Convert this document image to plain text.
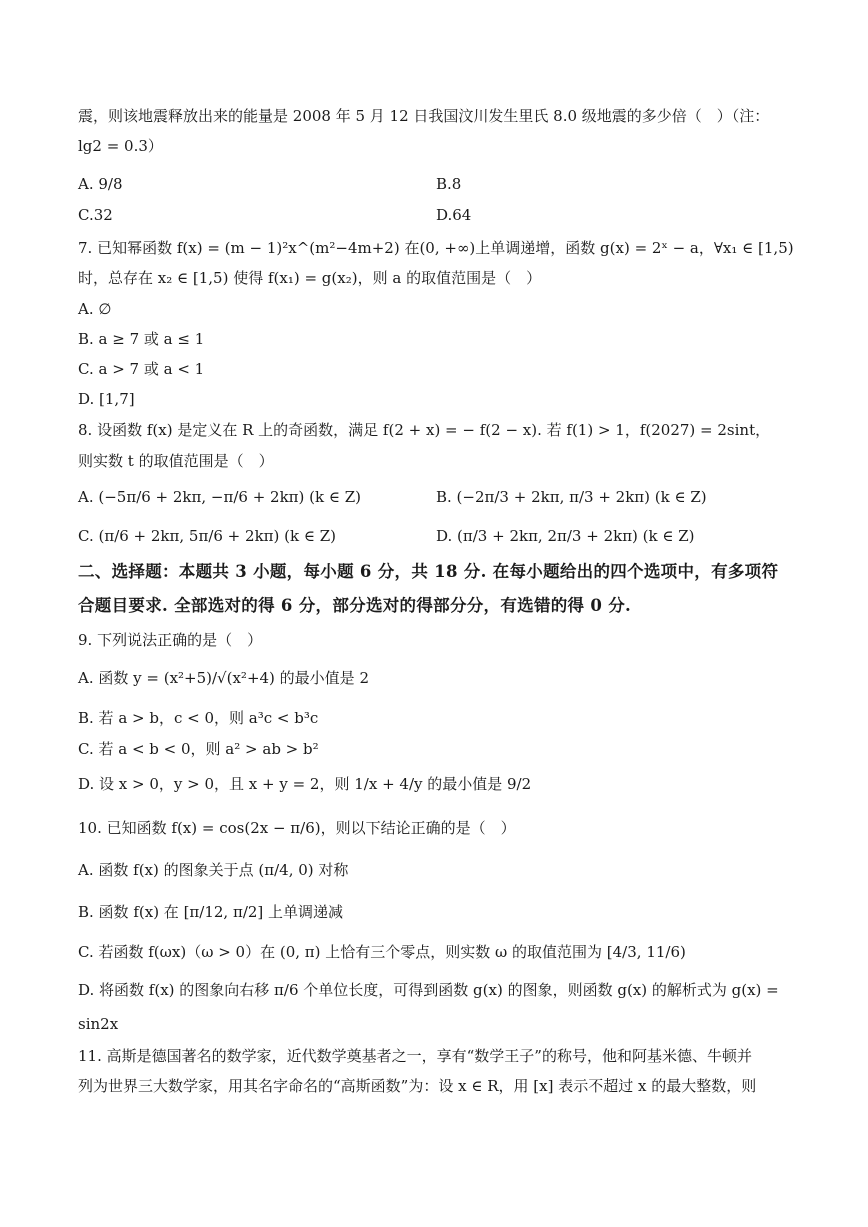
震，则该地震释放出来的能量是 2008 年 5 月 12 日我国汶川发生里氏 8.0 级地震的多少倍（　）（注：
lg2 = 0.3）
A. 9/8	B.8
C.32	D.64
7. 已知幂函数 f(x) = (m − 1)²x^(m²−4m+2) 在(0, +∞)上单调递增，函数 g(x) = 2ˣ − a，∀x₁ ∈ [1,5)
时，总存在 x₂ ∈ [1,5) 使得 f(x₁) = g(x₂)，则 a 的取值范围是（　）
A. ∅
B. a ≥ 7 或 a ≤ 1
C. a > 7 或 a < 1
D. [1,7]
8. 设函数 f(x) 是定义在 R 上的奇函数，满足 f(2 + x) = − f(2 − x). 若 f(1) > 1，f(2027) = 2sint，
则实数 t 的取值范围是（　）
A. (−5π/6 + 2kπ, −π/6 + 2kπ) (k ∈ Z)	B. (−2π/3 + 2kπ, π/3 + 2kπ) (k ∈ Z)
C. (π/6 + 2kπ, 5π/6 + 2kπ) (k ∈ Z)	D. (π/3 + 2kπ, 2π/3 + 2kπ) (k ∈ Z)
二、选择题：本题共 3 小题，每小题 6 分，共 18 分. 在每小题给出的四个选项中，有多项符
合题目要求. 全部选对的得 6 分，部分选对的得部分分，有选错的得 0 分.
9. 下列说法正确的是（　）
A. 函数 y = (x²+5)/√(x²+4) 的最小值是 2
B. 若 a > b，c < 0，则 a³c < b³c
C. 若 a < b < 0，则 a² > ab > b²
D. 设 x > 0，y > 0，且 x + y = 2，则 1/x + 4/y 的最小值是 9/2
10. 已知函数 f(x) = cos(2x − π/6)，则以下结论正确的是（　）
A. 函数 f(x) 的图象关于点 (π/4, 0) 对称
B. 函数 f(x) 在 [π/12, π/2] 上单调递减
C. 若函数 f(ωx)（ω > 0）在 (0, π) 上恰有三个零点，则实数 ω 的取值范围为 [4/3, 11/6)
D. 将函数 f(x) 的图象向右移 π/6 个单位长度，可得到函数 g(x) 的图象，则函数 g(x) 的解析式为 g(x) =
sin2x
11. 高斯是德国著名的数学家，近代数学奠基者之一，享有“数学王子”的称号，他和阿基米德、牛顿并
列为世界三大数学家，用其名字命名的“高斯函数”为：设 x ∈ R，用 [x] 表示不超过 x 的最大整数，则
